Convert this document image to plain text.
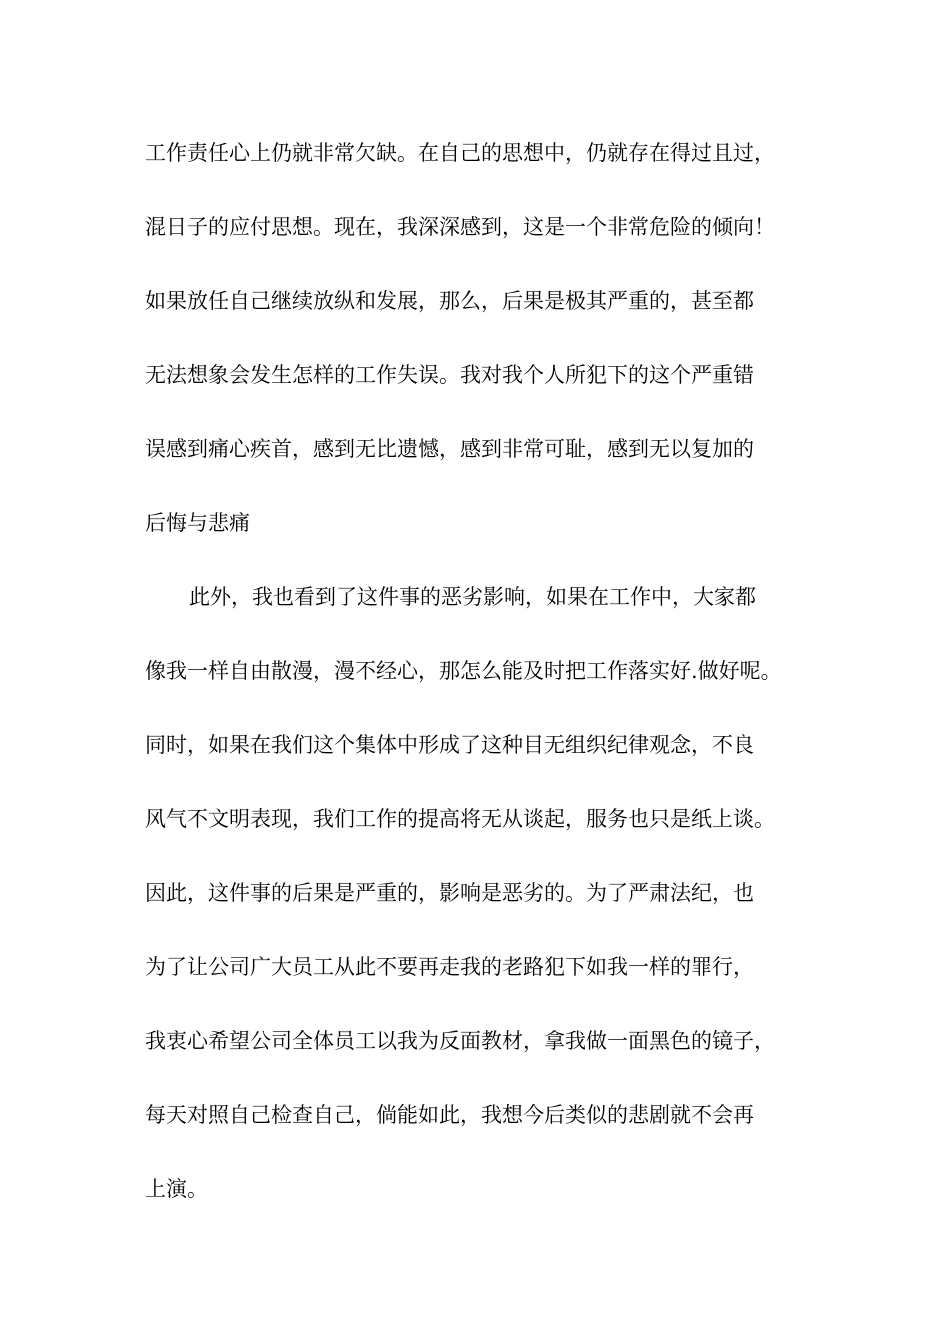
工作责任心上仍就非常欠缺。在自己的思想中，仍就存在得过且过，
混日子的应付思想。现在，我深深感到，这是一个非常危险的倾向！
如果放任自己继续放纵和发展，那么，后果是极其严重的，甚至都
无法想象会发生怎样的工作失误。我对我个人所犯下的这个严重错
误感到痛心疾首，感到无比遗憾，感到非常可耻，感到无以复加的
后悔与悲痛
此外，我也看到了这件事的恶劣影响，如果在工作中，大家都
像我一样自由散漫，漫不经心，那怎么能及时把工作落实好.做好呢。
同时，如果在我们这个集体中形成了这种目无组织纪律观念，不良
风气不文明表现，我们工作的提高将无从谈起，服务也只是纸上谈。
因此，这件事的后果是严重的，影响是恶劣的。为了严肃法纪，也
为了让公司广大员工从此不要再走我的老路犯下如我一样的罪行，
我衷心希望公司全体员工以我为反面教材，拿我做一面黑色的镜子，
每天对照自己检查自己，倘能如此，我想今后类似的悲剧就不会再
上演。
